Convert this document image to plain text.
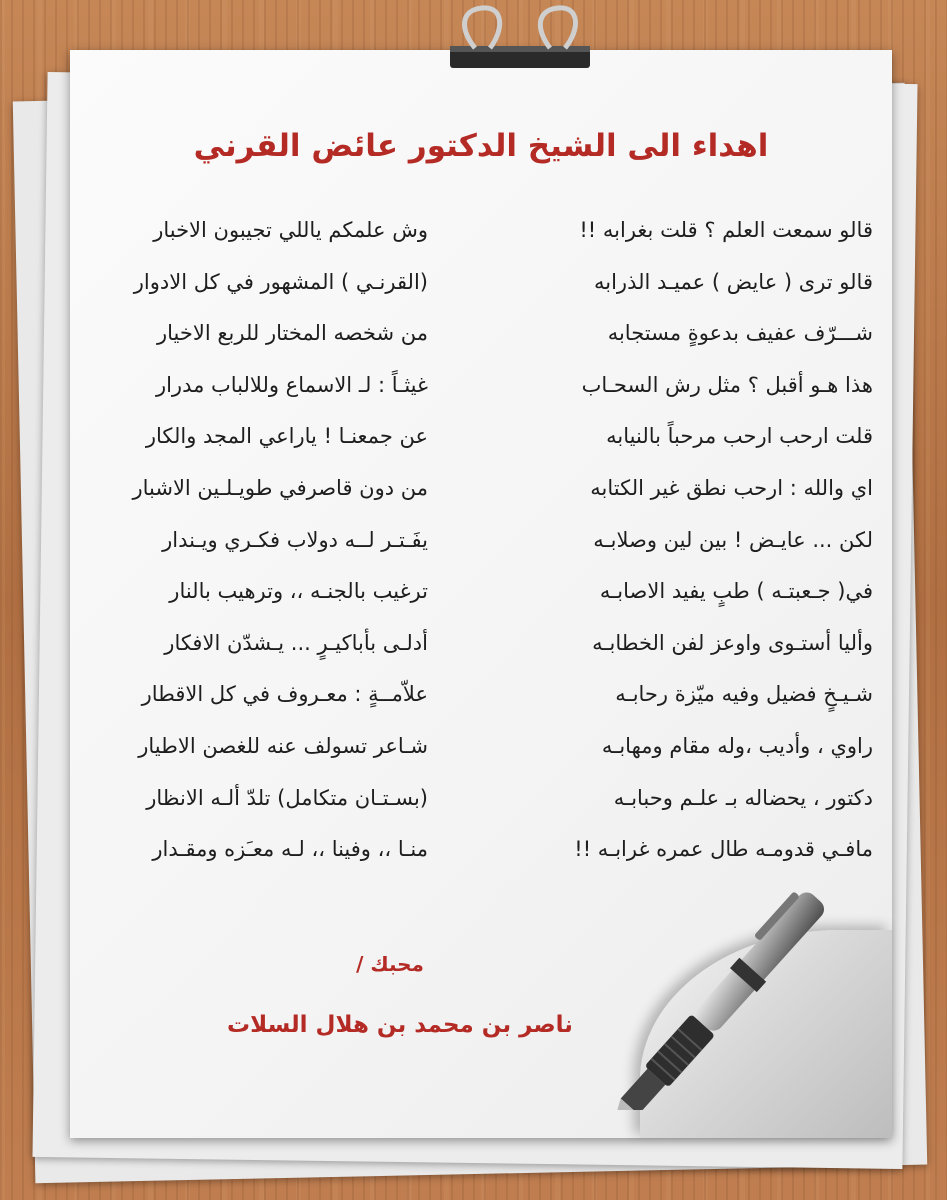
اهداء الى الشيخ الدكتور عائض القرني
قالو سمعت العلم ؟ قلت بغرابه !!
قالو ترى ( عايض ) عميـد الذرابه
شـــرّف عفيف بدعوةٍ مستجابه
هذا هـو أقبل ؟ مثل رش السحـاب
قلت ارحب ارحب مرحباً بالنيابه
اي والله : ارحب نطق غير الكتابه
لكن ... عايـض ! بين لين وصلابـه
في( جـعبتـه ) طبٍ يفيد الاصابـه
وأليا أستـوى واوعز لفن الخطابـه
شـيـخٍ فضيل وفيه ميّزة رحابـه
راوي ، وأديب ،وله مقام ومهابـه
دكتور ، يحضاله بـ علـم وحبابـه
مافـي قدومـه طال عمره غرابـه !!
وش علمكم ياللي تجيبون الاخبار
(القرنـي ) المشهور في كل الادوار
من شخصه المختار للربع الاخيار
غيثـاً : لـ الاسماع وللالباب مدرار
عن جمعنـا ! ياراعي المجد والكار
من دون قاصرفي طويـلـين الاشبار
يفَـتـر لــه دولاب فكـري ويـندار
ترغيب بالجنـه ،، وترهيب بالنار
أدلـى بأباكيـرٍ ... يـشدّن الافكار
علاّمــةٍ : معـروف في كل الاقطار
شـاعر تسولف عنه للغصن الاطيار
(بسـتـان متكامل) تلدّ ألـه الانظار
منـا ،، وفينا ،، لـه معـَزه ومقـدار
محبك /
ناصر بن محمد بن هلال السلات
